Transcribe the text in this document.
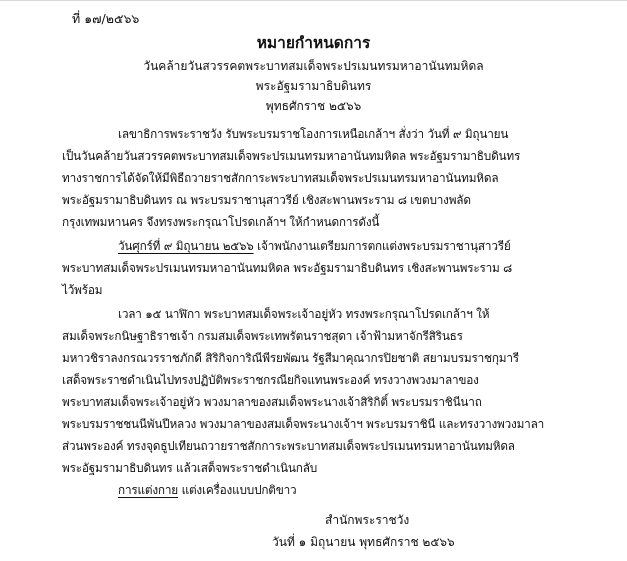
ที่ ๑๗/๒๕๖๖
หมายกำหนดการ
วันคล้ายวันสวรรคตพระบาทสมเด็จพระปรเมนทรมหาอานันทมหิดล
พระอัฐมรามาธิบดินทร
พุทธศักราช ๒๕๖๖
เลขาธิการพระราชวัง รับพระบรมราชโองการเหนือเกล้าฯ สั่งว่า วันที่ ๙ มิถุนายน
เป็นวันคล้ายวันสวรรคตพระบาทสมเด็จพระปรเมนทรมหาอานันทมหิดล พระอัฐมรามาธิบดินทร
ทางราชการได้จัดให้มีพิธีถวายราชสักการะพระบาทสมเด็จพระปรเมนทรมหาอานันทมหิดล
พระอัฐมรามาธิบดินทร ณ พระบรมราชานุสาวรีย์ เชิงสะพานพระราม ๘ เขตบางพลัด
กรุงเทพมหานคร จึงทรงพระกรุณาโปรดเกล้าฯ ให้กำหนดการดังนี้
วันศุกร์ที่ ๙ มิถุนายน ๒๕๖๖ เจ้าพนักงานเตรียมการตกแต่งพระบรมราชานุสาวรีย์
พระบาทสมเด็จพระปรเมนทรมหาอานันทมหิดล พระอัฐมรามาธิบดินทร เชิงสะพานพระราม ๘
ไว้พร้อม
เวลา ๑๕ นาฬิกา พระบาทสมเด็จพระเจ้าอยู่หัว ทรงพระกรุณาโปรดเกล้าฯ ให้
สมเด็จพระกนิษฐาธิราชเจ้า กรมสมเด็จพระเทพรัตนราชสุดา เจ้าฟ้ามหาจักรีสิรินธร
มหาวชิราลงกรณวรราชภักดี สิริกิจการิณีพีรยพัฒน รัฐสีมาคุณากรปิยชาติ สยามบรมราชกุมารี
เสด็จพระราชดำเนินไปทรงปฏิบัติพระราชกรณียกิจแทนพระองค์ ทรงวางพวงมาลาของ
พระบาทสมเด็จพระเจ้าอยู่หัว พวงมาลาของสมเด็จพระนางเจ้าสิริกิติ์ พระบรมราชินีนาถ
พระบรมราชชนนีพันปีหลวง พวงมาลาของสมเด็จพระนางเจ้าฯ พระบรมราชินี และทรงวางพวงมาลา
ส่วนพระองค์ ทรงจุดธูปเทียนถวายราชสักการะพระบาทสมเด็จพระปรเมนทรมหาอานันทมหิดล
พระอัฐมรามาธิบดินทร แล้วเสด็จพระราชดำเนินกลับ
การแต่งกาย แต่งเครื่องแบบปกติขาว
สำนักพระราชวัง
วันที่ ๑ มิถุนายน พุทธศักราช ๒๕๖๖
